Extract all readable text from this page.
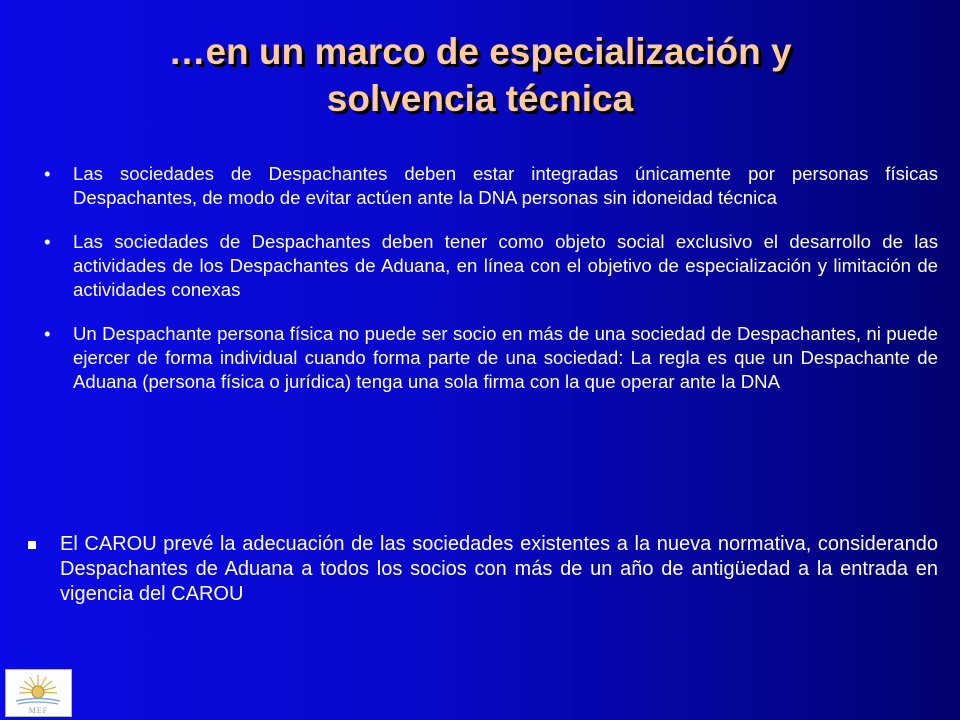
…en un marco de especialización y
solvencia técnica
• Las sociedades de Despachantes deben estar integradas únicamente por personas físicas Despachantes, de modo de evitar actúen ante la DNA personas sin idoneidad técnica
• Las sociedades de Despachantes deben tener como objeto social exclusivo el desarrollo de las actividades de los Despachantes de Aduana, en línea con el objetivo de especialización y limitación de actividades conexas
• Un Despachante persona física no puede ser socio en más de una sociedad de Despachantes, ni puede ejercer de forma individual cuando forma parte de una sociedad: La regla es que un Despachante de Aduana (persona física o jurídica) tenga una sola firma con la que operar ante la DNA
El CAROU prevé la adecuación de las sociedades existentes a la nueva normativa, considerando Despachantes de Aduana a todos los socios con más de un año de antigüedad a la entrada en vigencia del CAROU
MEF
